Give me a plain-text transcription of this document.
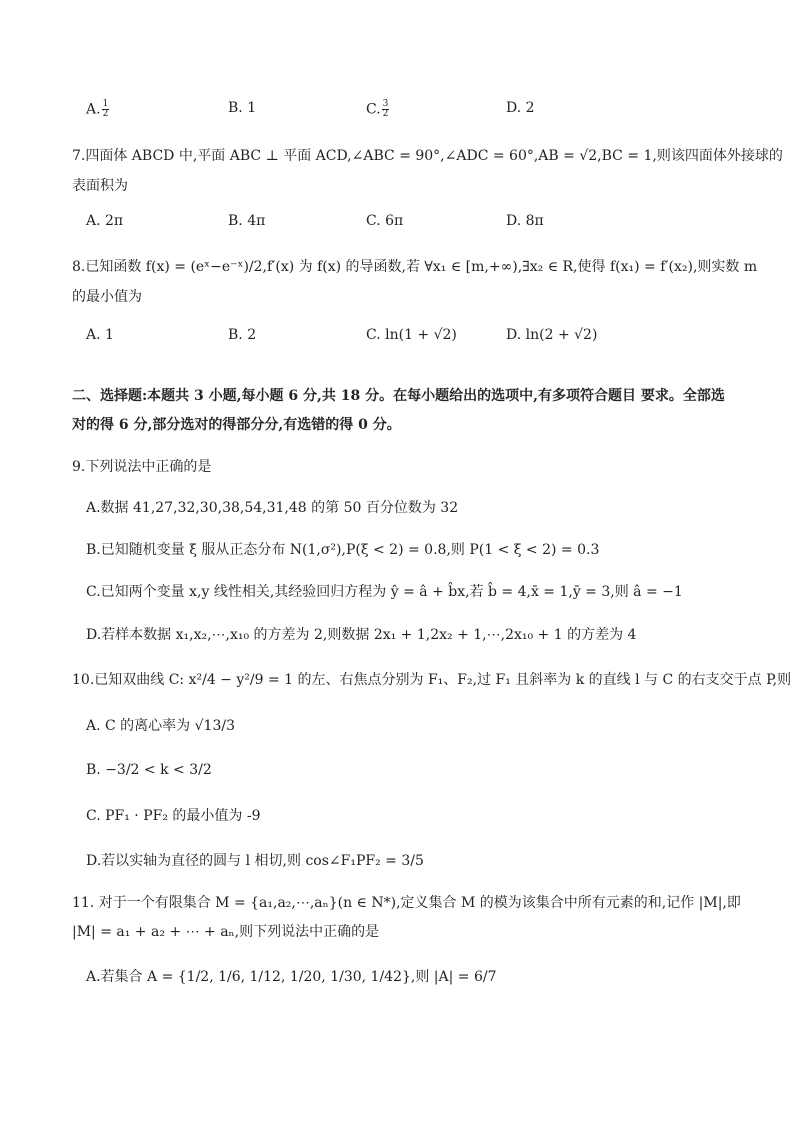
A. $\frac{1}{2}$	B. 1	C. $\frac{3}{2}$	D. 2
7.四面体 ABCD 中,平面 ABC ⊥ 平面 ACD,∠ABC = 90°,∠ADC = 60°,AB = √2,BC = 1,则该四面体外接球的
表面积为
A. 2π	B. 4π	C. 6π	D. 8π
8.已知函数 f(x) = (eˣ−e⁻ˣ)/2,f′(x) 为 f(x) 的导函数,若 ∀x₁ ∈ [m,+∞),∃x₂ ∈ R,使得 f(x₁) = f′(x₂),则实数 m
的最小值为
A. 1	B. 2	C. ln(1 + √2)	D. ln(2 + √2)
二、选择题:本题共 3 小题,每小题 6 分,共 18 分。在每小题给出的选项中,有多项符合题目 要求。全部选
对的得 6 分,部分选对的得部分分,有选错的得 0 分。
9.下列说法中正确的是
A.数据 41,27,32,30,38,54,31,48 的第 50 百分位数为 32
B.已知随机变量 ξ 服从正态分布 N(1,σ²),P(ξ < 2) = 0.8,则 P(1 < ξ < 2) = 0.3
C.已知两个变量 x,y 线性相关,其经验回归方程为 ŷ = â + b̂x,若 b̂ = 4,x̄ = 1,ȳ = 3,则 â = −1
D.若样本数据 x₁,x₂,⋯,x₁₀ 的方差为 2,则数据 2x₁ + 1,2x₂ + 1,⋯,2x₁₀ + 1 的方差为 4
10.已知双曲线 C: x²/4 − y²/9 = 1 的左、右焦点分别为 F₁、F₂,过 F₁ 且斜率为 k 的直线 l 与 C 的右支交于点 P,则
A. C 的离心率为 √13/3
B. −3/2 < k < 3/2
C. PF₁ · PF₂ 的最小值为 -9
D.若以实轴为直径的圆与 l 相切,则 cos∠F₁PF₂ = 3/5
11. 对于一个有限集合 M = {a₁,a₂,⋯,aₙ}(n ∈ N*),定义集合 M 的模为该集合中所有元素的和,记作 |M|,即
|M| = a₁ + a₂ + ⋯ + aₙ,则下列说法中正确的是
A.若集合 A = {1/2, 1/6, 1/12, 1/20, 1/30, 1/42},则 |A| = 6/7
